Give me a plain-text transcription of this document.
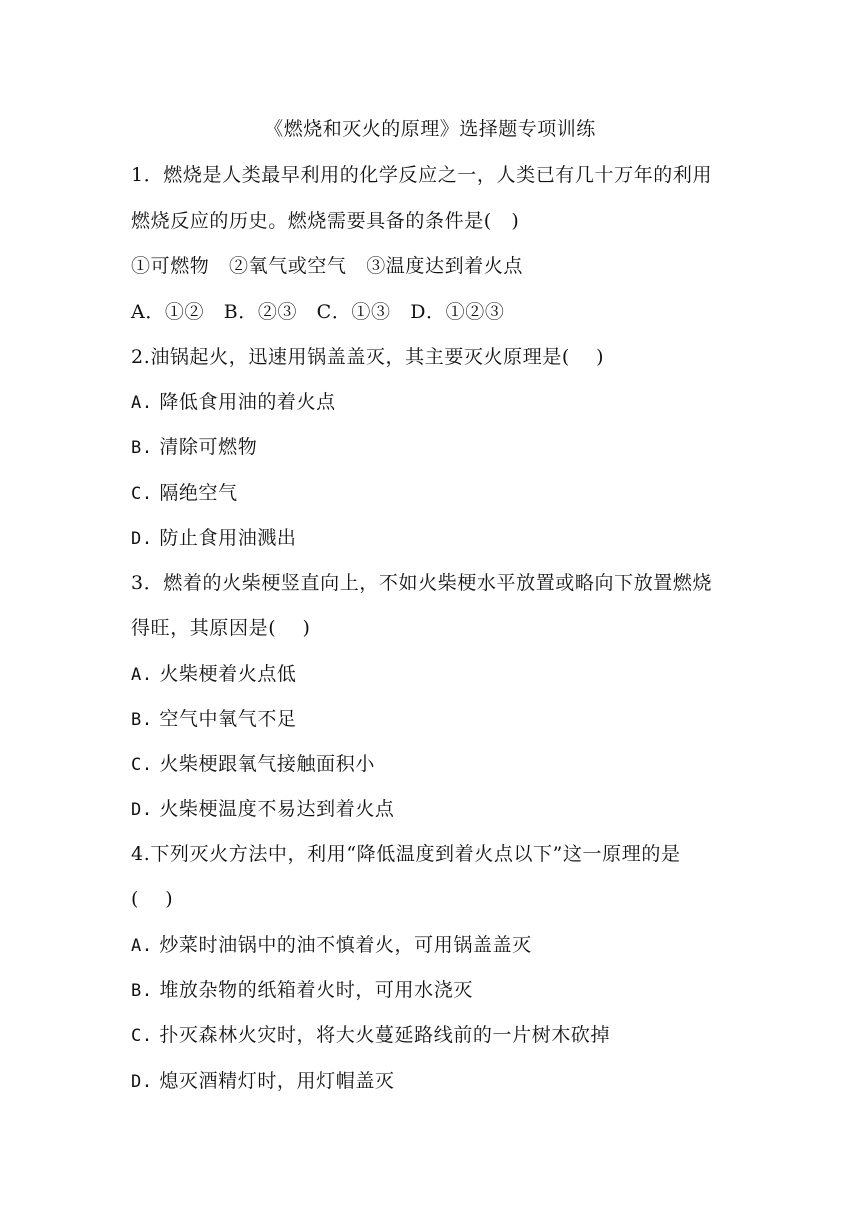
《燃烧和灭火的原理》选择题专项训练
1．燃烧是人类最早利用的化学反应之一，人类已有几十万年的利用
燃烧反应的历史。燃烧需要具备的条件是(　)
①可燃物　②氧气或空气　③温度达到着火点
A．①②　B．②③　C．①③　D．①②③
2.油锅起火，迅速用锅盖盖灭，其主要灭火原理是(　 )
A. 降低食用油的着火点
B. 清除可燃物
C. 隔绝空气
D. 防止食用油溅出
3．燃着的火柴梗竖直向上，不如火柴梗水平放置或略向下放置燃烧
得旺，其原因是(　 )
A. 火柴梗着火点低
B. 空气中氧气不足
C. 火柴梗跟氧气接触面积小
D. 火柴梗温度不易达到着火点
4.下列灭火方法中，利用“降低温度到着火点以下”这一原理的是
(　 )
A. 炒菜时油锅中的油不慎着火，可用锅盖盖灭
B. 堆放杂物的纸箱着火时，可用水浇灭
C. 扑灭森林火灾时，将大火蔓延路线前的一片树木砍掉
D. 熄灭酒精灯时，用灯帽盖灭
